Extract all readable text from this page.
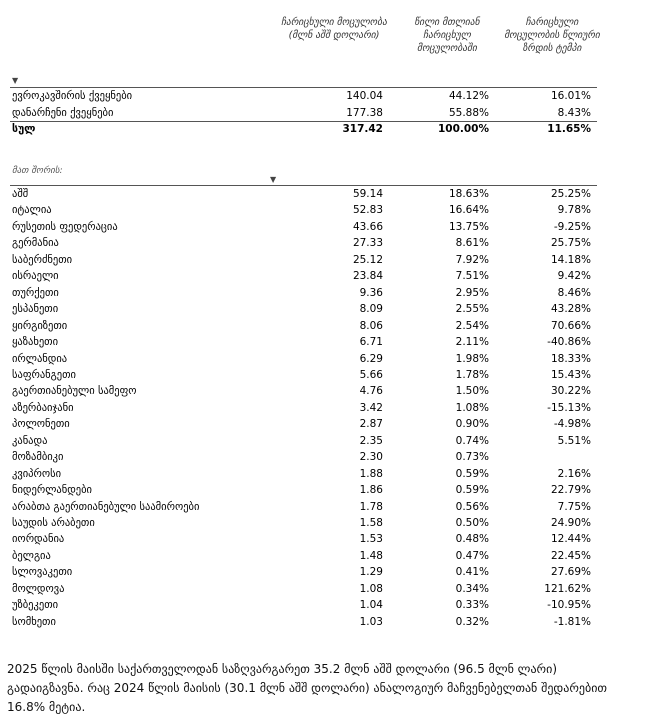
ჩარიცხული მოცულობა (მლნ აშშ დოლარი)
წილი მთლიან ჩარიცხულ მოცულობაში
ჩარიცხული მოცულობის წლიური ზრდის ტემპი
▼
ევროკავშირის ქვეყნები	140.04	44.12%	16.01%
დანარჩენი ქვეყნები	177.38	55.88%	8.43%
სულ	317.42	100.00%	11.65%
მათ შორის:
▼
აშშ	59.14	18.63%	25.25%
იტალია	52.83	16.64%	9.78%
რუსეთის ფედერაცია	43.66	13.75%	-9.25%
გერმანია	27.33	8.61%	25.75%
საბერძნეთი	25.12	7.92%	14.18%
ისრაელი	23.84	7.51%	9.42%
თურქეთი	9.36	2.95%	8.46%
ესპანეთი	8.09	2.55%	43.28%
ყირგიზეთი	8.06	2.54%	70.66%
ყაზახეთი	6.71	2.11%	-40.86%
ირლანდია	6.29	1.98%	18.33%
საფრანგეთი	5.66	1.78%	15.43%
გაერთიანებული სამეფო	4.76	1.50%	30.22%
აზერბაიჯანი	3.42	1.08%	-15.13%
პოლონეთი	2.87	0.90%	-4.98%
კანადა	2.35	0.74%	5.51%
მოზამბიკი	2.30	0.73%
კვიპროსი	1.88	0.59%	2.16%
ნიდერლანდები	1.86	0.59%	22.79%
არაბთა გაერთიანებული საამიროები	1.78	0.56%	7.75%
საუდის არაბეთი	1.58	0.50%	24.90%
იორდანია	1.53	0.48%	12.44%
ბელგია	1.48	0.47%	22.45%
სლოვაკეთი	1.29	0.41%	27.69%
მოლდოვა	1.08	0.34%	121.62%
უზბეკეთი	1.04	0.33%	-10.95%
სომხეთი	1.03	0.32%	-1.81%
2025 წლის მაისში საქართველოდან საზღვარგარეთ 35.2 მლნ აშშ დოლარი (96.5 მლნ ლარი) გადაიგზავნა. რაც 2024 წლის მაისის (30.1 მლნ აშშ დოლარი) ანალოგიურ მაჩვენებელთან შედარებით 16.8% მეტია.
